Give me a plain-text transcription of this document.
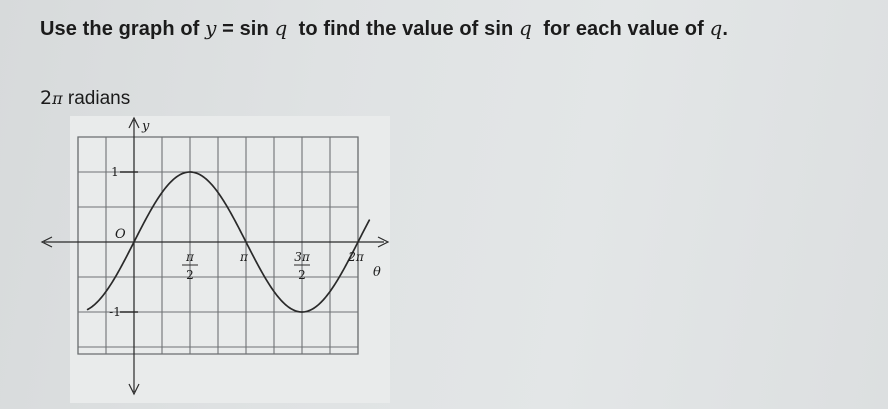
Use the graph of y = sin q  to find the value of sin q  for each value of q.
2π radians
y
θ
O
1
-1
π
2
π	3π
2
2π
